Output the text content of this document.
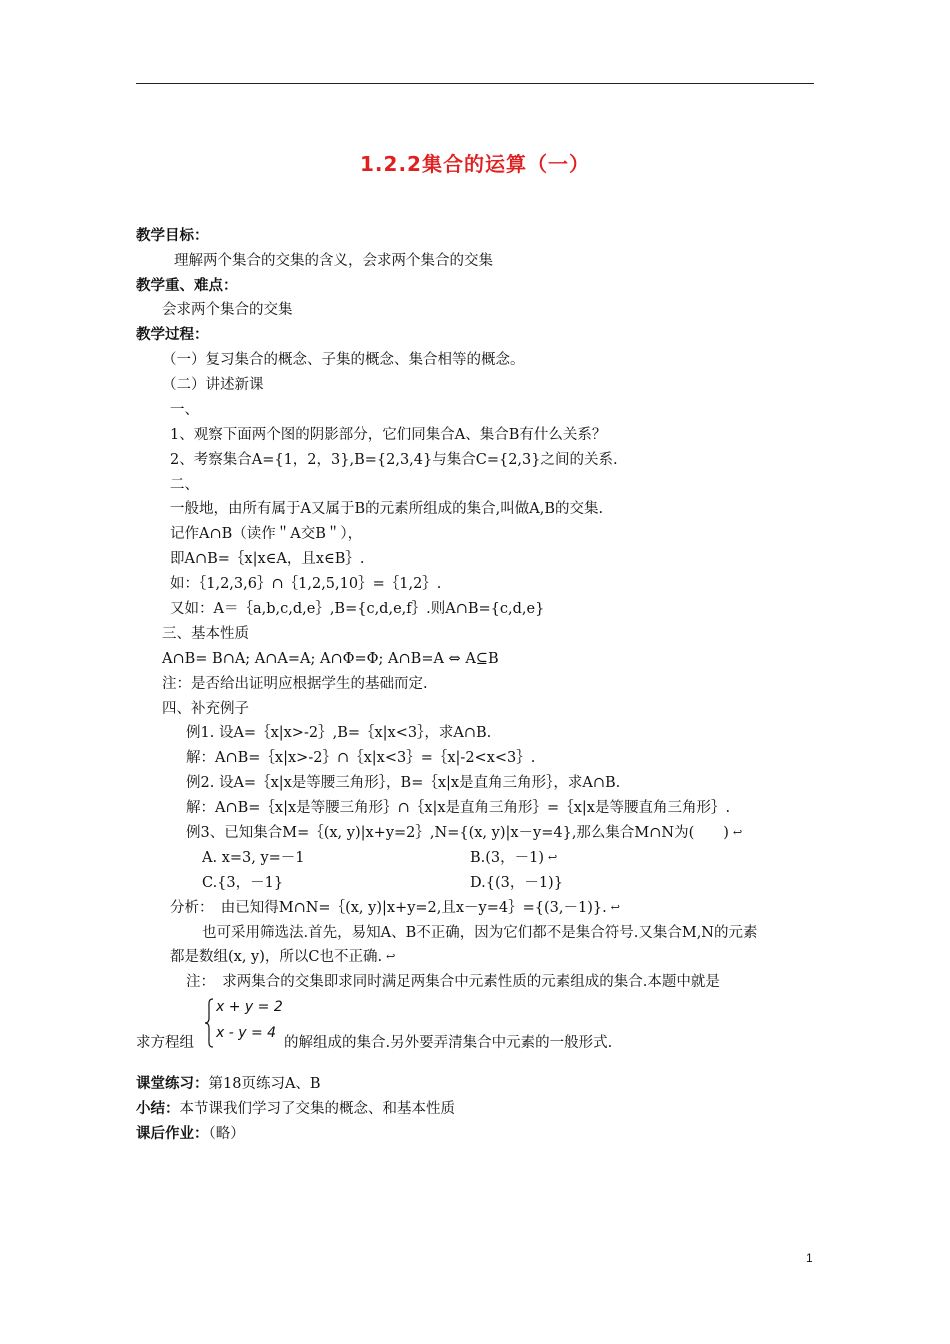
1.2.2集合的运算（一）
教学目标：
理解两个集合的交集的含义，会求两个集合的交集
教学重、难点：
会求两个集合的交集
教学过程：
（一）复习集合的概念、子集的概念、集合相等的概念。
（二）讲述新课
一、
1、观察下面两个图的阴影部分，它们同集合A、集合B有什么关系？
2、考察集合A={1，2，3},B={2,3,4}与集合C={2,3}之间的关系.
二、
一般地，由所有属于A又属于B的元素所组成的集合,叫做A,B的交集.
记作A∩B（读作＂A交B＂），
即A∩B=｛x|x∈A，且x∈B｝.
如：｛1,2,3,6｝∩｛1,2,5,10｝=｛1,2｝.
又如：A＝｛a,b,c,d,e｝,B={c,d,e,f｝.则A∩B={c,d,e}
三、基本性质
A∩B= B∩A; A∩A=A; A∩Φ=Φ; A∩B=A ⇔ A⊆B
注：是否给出证明应根据学生的基础而定.
四、补充例子
例1. 设A=｛x|x>-2｝,B=｛x|x<3｝，求A∩B.
解：A∩B=｛x|x>-2｝∩｛x|x<3｝=｛x|-2<x<3｝.
例2. 设A=｛x|x是等腰三角形｝，B=｛x|x是直角三角形｝，求A∩B.
解：A∩B=｛x|x是等腰三角形｝∩｛x|x是直角三角形｝=｛x|x是等腰直角三角形｝.
例3、已知集合M=｛(x, y)|x+y=2｝,N={(x, y)|x－y=4},那么集合M∩N为(　　) ↩
A. x=3, y=－1	B.(3，－1) ↩
C.{3，－1}	D.{(3，－1)}
分析：　由已知得M∩N=｛(x, y)|x+y=2,且x－y=4｝={(3,－1)}. ↩
也可采用筛选法.首先，易知A、B不正确，因为它们都不是集合符号.又集合M,N的元素
都是数组(x, y)，所以C也不正确. ↩
注：　求两集合的交集即求同时满足两集合中元素性质的元素组成的集合.本题中就是
x + y = 2
x - y = 4
求方程组	的解组成的集合.另外要弄清集合中元素的一般形式.
课堂练习：第18页练习A、B
小结：本节课我们学习了交集的概念、和基本性质
课后作业：（略）
1
